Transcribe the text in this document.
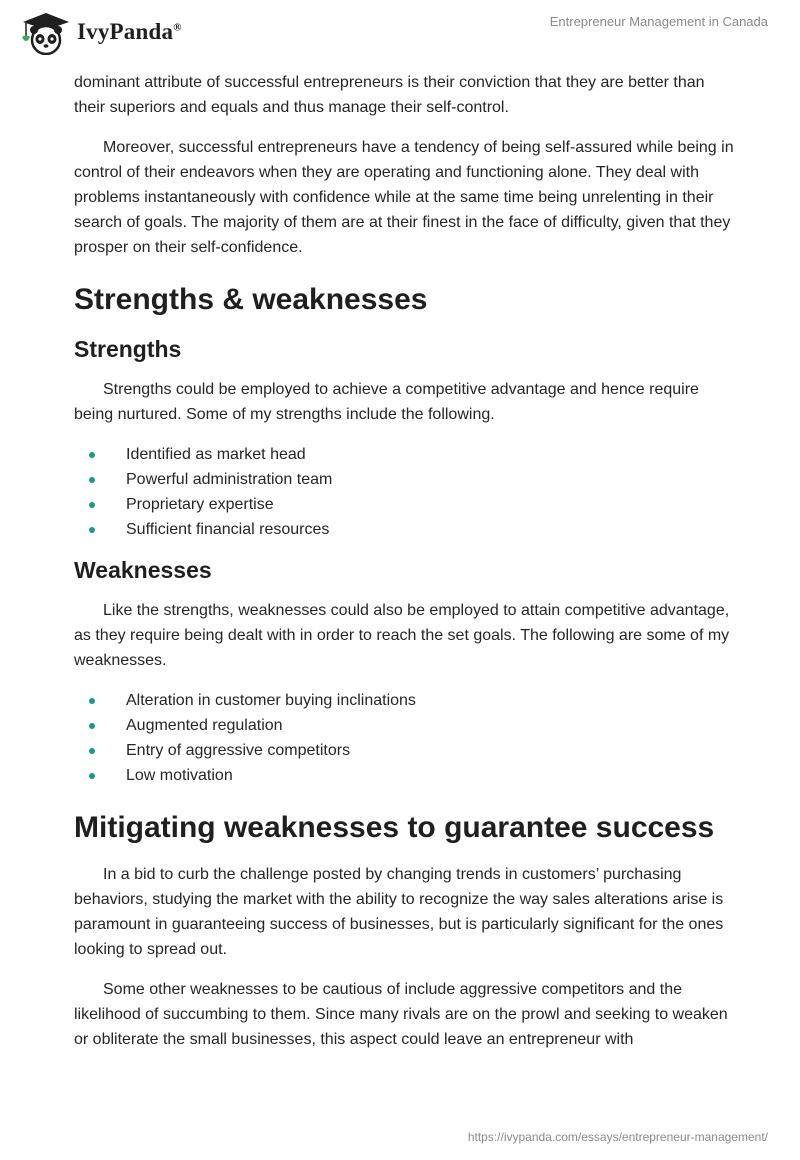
IvyPanda®	Entrepreneur Management in Canada

dominant attribute of successful entrepreneurs is their conviction that they are better than their superiors and equals and thus manage their self-control.

Moreover, successful entrepreneurs have a tendency of being self-assured while being in control of their endeavors when they are operating and functioning alone. They deal with problems instantaneously with confidence while at the same time being unrelenting in their search of goals. The majority of them are at their finest in the face of difficulty, given that they prosper on their self-confidence.

Strengths & weaknesses
Strengths

Strengths could be employed to achieve a competitive advantage and hence require being nurtured. Some of my strengths include the following.

Identified as market head
Powerful administration team
Proprietary expertise
Sufficient financial resources
Weaknesses

Like the strengths, weaknesses could also be employed to attain competitive advantage, as they require being dealt with in order to reach the set goals. The following are some of my weaknesses.

Alteration in customer buying inclinations
Augmented regulation
Entry of aggressive competitors
Low motivation
Mitigating weaknesses to guarantee success

In a bid to curb the challenge posted by changing trends in customers’ purchasing behaviors, studying the market with the ability to recognize the way sales alterations arise is paramount in guaranteeing success of businesses, but is particularly significant for the ones looking to spread out.

Some other weaknesses to be cautious of include aggressive competitors and the likelihood of succumbing to them. Since many rivals are on the prowl and seeking to weaken or obliterate the small businesses, this aspect could leave an entrepreneur with

https://ivypanda.com/essays/entrepreneur-management/
